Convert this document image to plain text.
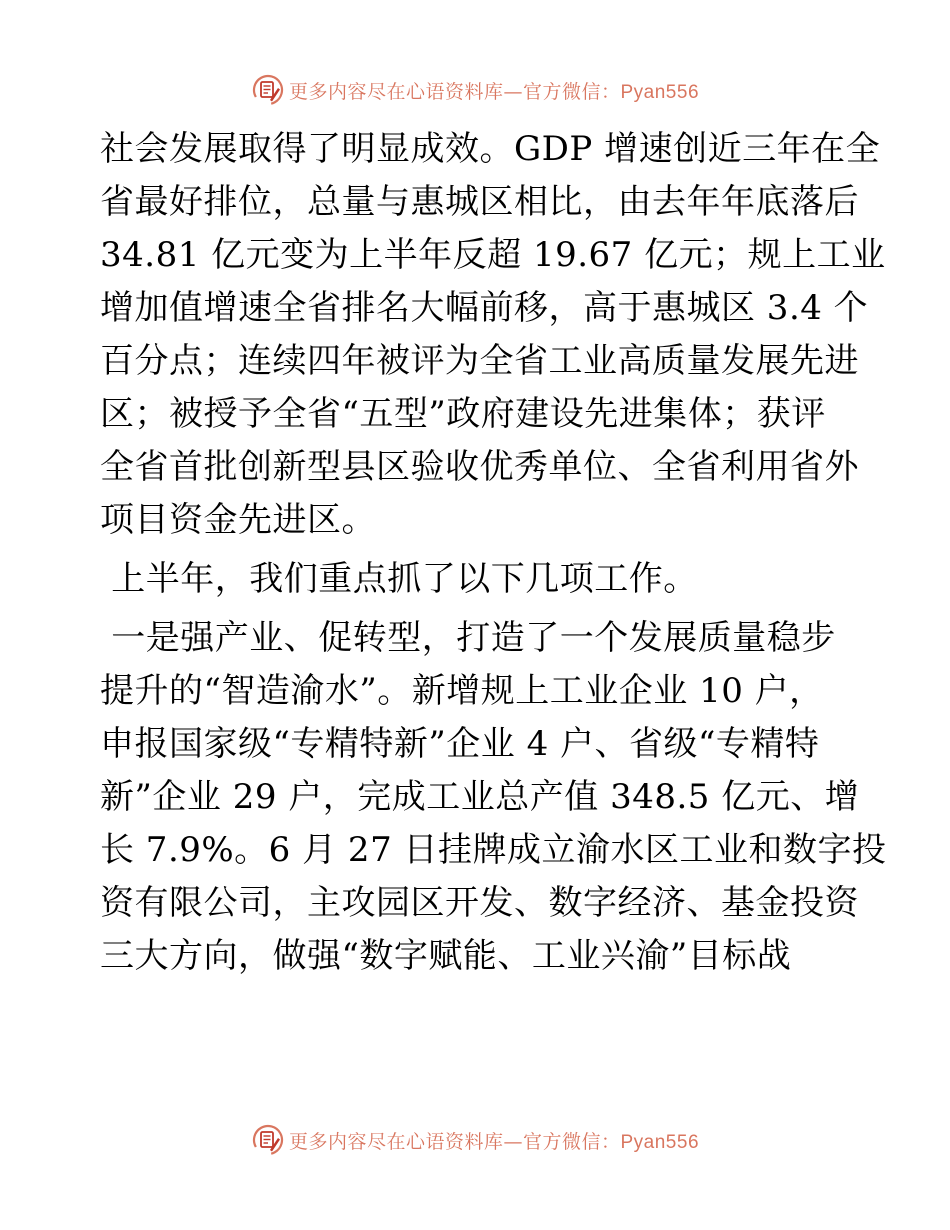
更多内容尽在心语资料库—官方微信：Pyan556

社会发展取得了明显成效。GDP 增速创近三年在全
省最好排位，总量与惠城区相比，由去年年底落后
34.81 亿元变为上半年反超 19.67 亿元；规上工业
增加值增速全省排名大幅前移，高于惠城区 3.4 个
百分点；连续四年被评为全省工业高质量发展先进
区；被授予全省“五型”政府建设先进集体；获评
全省首批创新型县区验收优秀单位、全省利用省外
项目资金先进区。

上半年，我们重点抓了以下几项工作。

一是强产业、促转型，打造了一个发展质量稳步
提升的“智造渝水”。新增规上工业企业 10 户，
申报国家级“专精特新”企业 4 户、省级“专精特
新”企业 29 户，完成工业总产值 348.5 亿元、增
长 7.9%。6 月 27 日挂牌成立渝水区工业和数字投
资有限公司，主攻园区开发、数字经济、基金投资
三大方向，做强“数字赋能、工业兴渝”目标战

更多内容尽在心语资料库—官方微信：Pyan556
